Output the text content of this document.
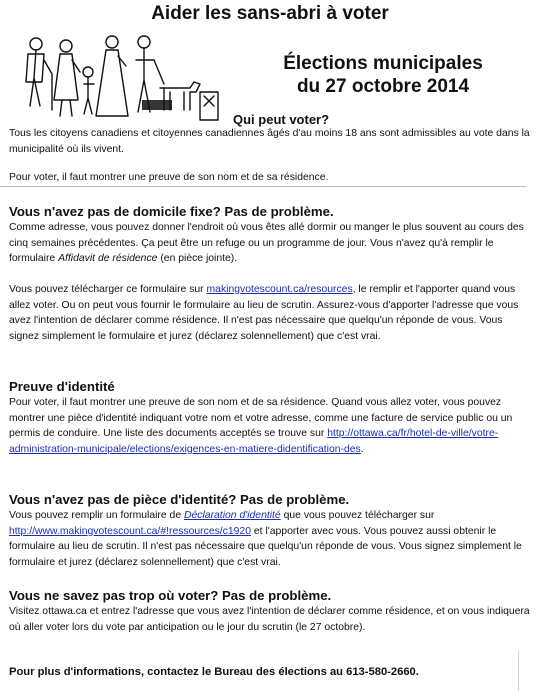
Aider les sans-abri à voter
Élections municipales
du 27 octobre 2014
Qui peut voter?

Tous les citoyens canadiens et citoyennes canadiennes âgés d'au moins 18 ans sont admissibles au vote dans la municipalité où ils vivent.

Pour voter, il faut montrer une preuve de son nom et de sa résidence.

Vous n'avez pas de domicile fixe? Pas de problème.

Comme adresse, vous pouvez donner l'endroit où vous êtes allé dormir ou manger le plus souvent au cours des cinq semaines précédentes. Ça peut être un refuge ou un programme de jour. Vous n'avez qu'à remplir le formulaire Affidavit de résidence (en pièce jointe).

Vous pouvez télécharger ce formulaire sur makingvotescount.ca/resources, le remplir et l'apporter quand vous allez voter. Ou on peut vous fournir le formulaire au lieu de scrutin. Assurez-vous d'apporter l'adresse que vous avez l'intention de déclarer comme résidence. Il n'est pas nécessaire que quelqu'un réponde de vous. Vous signez simplement le formulaire et jurez (déclarez solennellement) que c'est vrai.

Preuve d'identité

Pour voter, il faut montrer une preuve de son nom et de sa résidence. Quand vous allez voter, vous pouvez montrer une pièce d'identité indiquant votre nom et votre adresse, comme une facture de service public ou un permis de conduire. Une liste des documents acceptés se trouve sur http://ottawa.ca/fr/hotel-de-ville/votre-administration-municipale/elections/exigences-en-matiere-didentification-des.

Vous n'avez pas de pièce d'identité? Pas de problème.

Vous pouvez remplir un formulaire de Déclaration d'identité que vous pouvez télécharger sur http://www.makingvotescount.ca/#!ressources/c1920 et l'apporter avec vous. Vous pouvez aussi obtenir le formulaire au lieu de scrutin. Il n'est pas nécessaire que quelqu'un réponde de vous. Vous signez simplement le formulaire et jurez (déclarez solennellement) que c'est vrai.

Vous ne savez pas trop où voter? Pas de problème.

Visitez ottawa.ca et entrez l'adresse que vous avez l'intention de déclarer comme résidence, et on vous indiquera où aller voter lors du vote par anticipation ou le jour du scrutin (le 27 octobre).

Pour plus d'informations, contactez le Bureau des élections au 613-580-2660.
